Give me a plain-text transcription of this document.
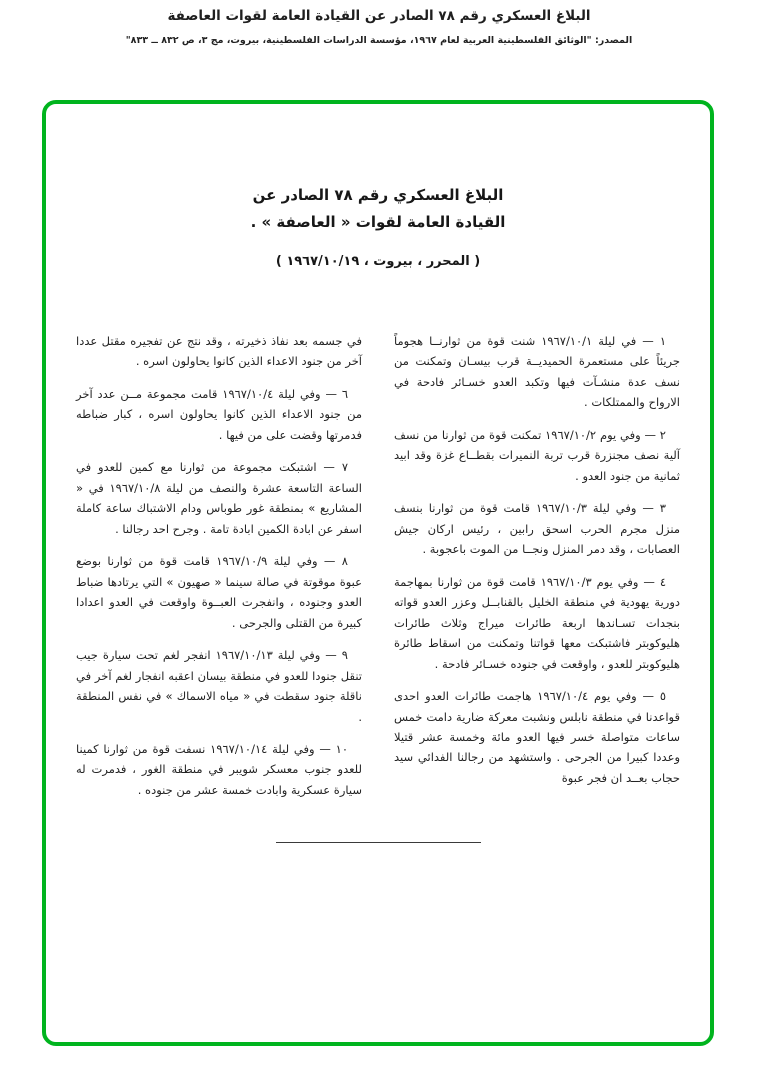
البلاغ العسكري رقم ٧٨ الصادر عن القيادة العامة لقوات العاصفة
المصدر: "الوثائق الفلسطينية العربية لعام ١٩٦٧، مؤسسة الدراسات الفلسطينية، بيروت، مج ٣، ص ٨٣٢ ــ ٨٣٣"
البلاغ العسكري رقم ٧٨ الصادر عن
القيادة العامة لقوات « العاصفة » .
( المحرر ، بيروت ، ١٩٦٧/١٠/١٩ )

١ — في ليلة ١٩٦٧/١٠/١ شنت قوة من ثوارنــا هجوماً جريئاً على مستعمرة الحميديــة قرب بيسـان وتمكنت من نسف عدة منشـآت فيها وتكبد العدو خسـائر فادحة في الارواح والممتلكات .

٢ — وفي يوم ١٩٦٧/١٠/٢ تمكنت قوة من ثوارنا من نسف آلية نصف مجنزرة قرب تربة النميرات بقطــاع غزة وقد ابيد ثمانية من جنود العدو .

٣ — وفي ليلة ١٩٦٧/١٠/٣ قامت قوة من ثوارنا بنسف منزل مجرم الحرب اسحق رابين ، رئيس اركان جيش العصابات ، وقد دمر المنزل ونجــا من الموت باعجوبة .

٤ — وفي يوم ١٩٦٧/١٠/٣ قامت قوة من ثوارنا بمهاجمة دورية يهودية في منطقة الخليل بالقنابــل وعزر العدو قواته بنجدات تسـاندها اربعة طائرات ميراج وثلاث طائرات هليوكوبتر فاشتبكت معها قواتنا وتمكنت من اسقاط طائرة هليوكوبتر للعدو ، واوقعت في جنوده خسـائر فادحة .

٥ — وفي يوم ١٩٦٧/١٠/٤ هاجمت طائرات العدو احدى قواعدنا في منطقة نابلس ونشبت معركة ضارية دامت خمس ساعات متواصلة خسر فيها العدو مائة وخمسة عشر قتيلا وعددا كبيرا من الجرحى . واستشهد من رجالنا الفدائي سيد حجاب بعــد ان فجر عبوة

في جسمه بعد نفاذ ذخيرته ، وقد نتج عن تفجيره مقتل عددا آخر من جنود الاعداء الذين كانوا يحاولون اسره .

٦ — وفي ليلة ١٩٦٧/١٠/٤ قامت مجموعة مــن عدد آخر من جنود الاعداء الذين كانوا يحاولون اسره ، كبار ضباطه فدمرتها وقضت على من فيها .

٧ — اشتبكت مجموعة من ثوارنا مع كمين للعدو في الساعة التاسعة عشرة والنصف من ليلة ١٩٦٧/١٠/٨ في « المشاريع » بمنطقة غور طوباس ودام الاشتباك ساعة كاملة اسفر عن ابادة الكمين ابادة تامة . وجرح احد رجالنا .

٨ — وفي ليلة ١٩٦٧/١٠/٩ قامت قوة من ثوارنا بوضع عبوة موقوتة في صالة سينما « صهيون » التي يرتادها ضباط العدو وجنوده ، وانفجرت العبــوة واوقعت في العدو اعدادا كبيرة من القتلى والجرحى .

٩ — وفي ليلة ١٩٦٧/١٠/١٣ انفجر لغم تحت سيارة جيب تنقل جنودا للعدو في منطقة بيسان اعقبه انفجار لغم آخر في ناقلة جنود سقطت في « مياه الاسماك » في نفس المنطقة .

١٠ — وفي ليلة ١٩٦٧/١٠/١٤ نسفت قوة من ثوارنا كمينا للعدو جنوب معسكر شويبر في منطقة الغور ، فدمرت له سيارة عسكرية وابادت خمسة عشر من جنوده .
